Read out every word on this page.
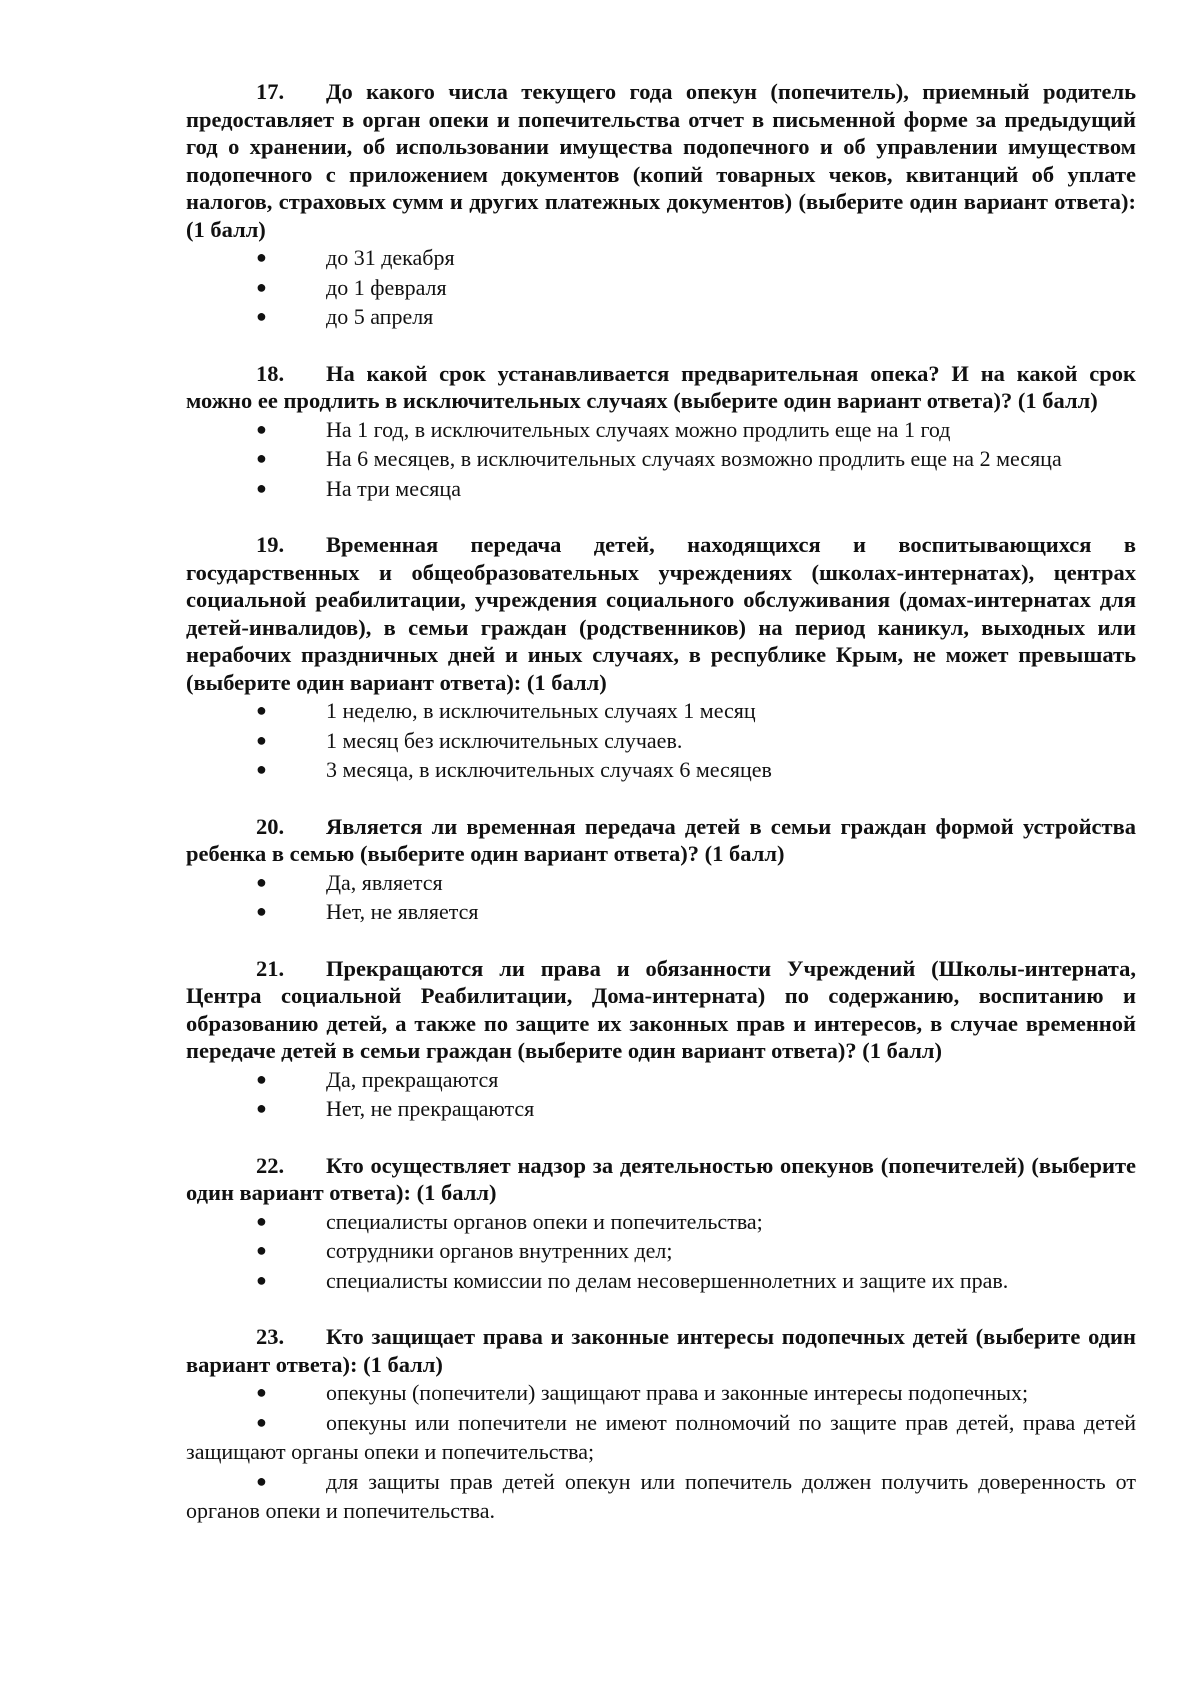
17. До какого числа текущего года опекун (попечитель), приемный родитель предоставляет в орган опеки и попечительства отчет в письменной форме за предыдущий год о хранении, об использовании имущества подопечного и об управлении имуществом подопечного с приложением документов (копий товарных чеков, квитанций об уплате налогов, страховых сумм и других платежных документов) (выберите один вариант ответа): (1 балл)

●	до 31 декабря
●	до 1 февраля
●	до 5 апреля

18. На какой срок устанавливается предварительная опека? И на какой срок можно ее продлить в исключительных случаях (выберите один вариант ответа)? (1 балл)

●	На 1 год, в исключительных случаях можно продлить еще на 1 год
●	На 6 месяцев, в исключительных случаях возможно продлить еще на 2 месяца
●	На три месяца

19. Временная передача детей, находящихся и воспитывающихся в государственных и общеобразовательных учреждениях (школах-интернатах), центрах социальной реабилитации, учреждения социального обслуживания (домах-интернатах для детей-инвалидов), в семьи граждан (родственников) на период каникул, выходных или нерабочих праздничных дней и иных случаях, в республике Крым, не может превышать (выберите один вариант ответа): (1 балл)

●	1 неделю, в исключительных случаях 1 месяц
●	1 месяц без исключительных случаев.
●	3 месяца, в исключительных случаях 6 месяцев

20. Является ли временная передача детей в семьи граждан формой устройства ребенка в семью (выберите один вариант ответа)? (1 балл)

●	Да, является
●	Нет, не является

21. Прекращаются ли права и обязанности Учреждений (Школы-интерната, Центра социальной Реабилитации, Дома-интерната) по содержанию, воспитанию и образованию детей, а также по защите их законных прав и интересов, в случае временной передаче детей в семьи граждан (выберите один вариант ответа)? (1 балл)

●	Да, прекращаются
●	Нет, не прекращаются

22. Кто осуществляет надзор за деятельностью опекунов (попечителей) (выберите один вариант ответа): (1 балл)

●	специалисты органов опеки и попечительства;
●	сотрудники органов внутренних дел;
●	специалисты комиссии по делам несовершеннолетних и защите их прав.

23. Кто защищает права и законные интересы подопечных детей (выберите один вариант ответа): (1 балл)

●	опекуны (попечители) защищают права и законные интересы подопечных;
●	опекуны или попечители не имеют полномочий по защите прав детей, права детей защищают органы опеки и попечительства;
●	для защиты прав детей опекун или попечитель должен получить доверенность от органов опеки и попечительства.
